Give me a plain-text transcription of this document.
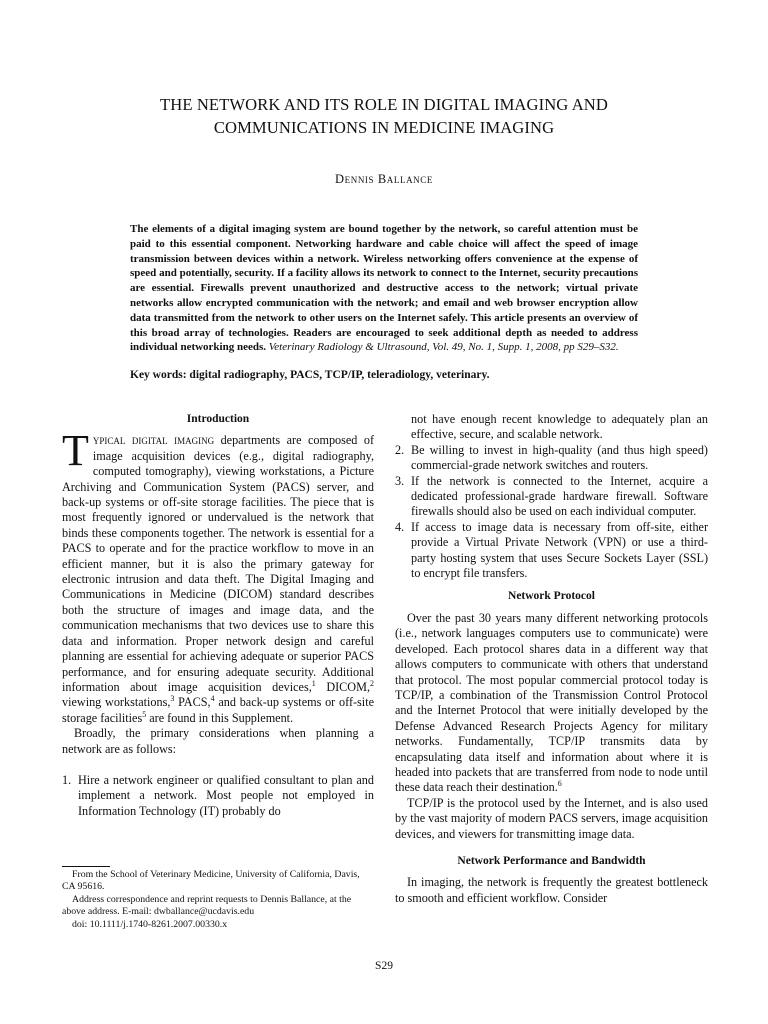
THE NETWORK AND ITS ROLE IN DIGITAL IMAGING AND
COMMUNICATIONS IN MEDICINE IMAGING
Dennis Ballance
The elements of a digital imaging system are bound together by the network, so careful attention must be paid to this essential component. Networking hardware and cable choice will affect the speed of image transmission between devices within a network. Wireless networking offers convenience at the expense of speed and potentially, security. If a facility allows its network to connect to the Internet, security precautions are essential. Firewalls prevent unauthorized and destructive access to the network; virtual private networks allow encrypted communication with the network; and email and web browser encryption allow data transmitted from the network to other users on the Internet safely. This article presents an overview of this broad array of technologies. Readers are encouraged to seek additional depth as needed to address individual networking needs. Veterinary Radiology & Ultrasound, Vol. 49, No. 1, Supp. 1, 2008, pp S29–S32.
Key words: digital radiography, PACS, TCP/IP, teleradiology, veterinary.
Introduction

Typical digital imaging departments are composed of image acquisition devices (e.g., digital radiography, computed tomography), viewing workstations, a Picture Archiving and Communication System (PACS) server, and back-up systems or off-site storage facilities. The piece that is most frequently ignored or undervalued is the network that binds these components together. The network is essential for a PACS to operate and for the practice workflow to move in an efficient manner, but it is also the primary gateway for electronic intrusion and data theft. The Digital Imaging and Communications in Medicine (DICOM) standard describes both the structure of images and image data, and the communication mechanisms that two devices use to share this data and information. Proper network design and careful planning are essential for achieving adequate or superior PACS performance, and for ensuring adequate security. Additional information about image acquisition devices,$^1$ DICOM,$^2$ viewing workstations,$^3$ PACS,$^4$ and back-up systems or off-site storage facilities$^5$ are found in this Supplement.

Broadly, the primary considerations when planning a network are as follows:

1. Hire a network engineer or qualified consultant to plan and implement a network. Most people not employed in Information Technology (IT) probably do
not have enough recent knowledge to adequately plan an effective, secure, and scalable network.
2. Be willing to invest in high-quality (and thus high speed) commercial-grade network switches and routers.
3. If the network is connected to the Internet, acquire a dedicated professional-grade hardware firewall. Software firewalls should also be used on each individual computer.
4. If access to image data is necessary from off-site, either provide a Virtual Private Network (VPN) or use a third-party hosting system that uses Secure Sockets Layer (SSL) to encrypt file transfers.
Network Protocol

Over the past 30 years many different networking protocols (i.e., network languages computers use to communicate) were developed. Each protocol shares data in a different way that allows computers to communicate with others that understand that protocol. The most popular commercial protocol today is TCP/IP, a combination of the Transmission Control Protocol and the Internet Protocol that were initially developed by the Defense Advanced Research Projects Agency for military networks. Fundamentally, TCP/IP transmits data by encapsulating data itself and information about where it is headed into packets that are transferred from node to node until these data reach their destination.$^6$

TCP/IP is the protocol used by the Internet, and is also used by the vast majority of modern PACS servers, image acquisition devices, and viewers for transmitting image data.

Network Performance and Bandwidth

In imaging, the network is frequently the greatest bottleneck to smooth and efficient workflow. Consider

From the School of Veterinary Medicine, University of California, Davis, CA 95616.
Address correspondence and reprint requests to Dennis Ballance, at the above address. E-mail: dwballance@ucdavis.edu
doi: 10.1111/j.1740-8261.2007.00330.x
S29
